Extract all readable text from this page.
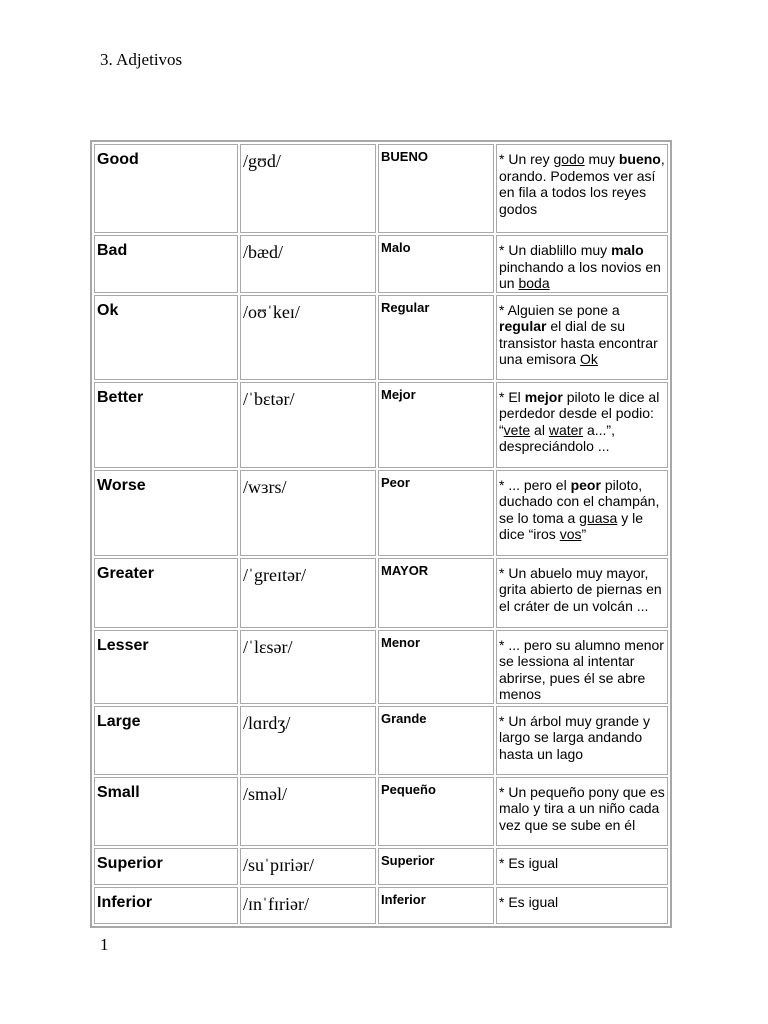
3. Adjetivos
Good	/gʊd/	BUENO	* Un rey godo muy bueno, orando. Podemos ver así en fila a todos los reyes godos

Bad	/bæd/	Malo	* Un diablillo muy malo pinchando a los novios en un boda

Ok	/oʊˈkeɪ/	Regular	* Alguien se pone a regular el dial de su transistor hasta encontrar una emisora Ok

Better	/ˈbɛtər/	Mejor	* El mejor piloto le dice al perdedor desde el podio: “vete al water a...”, despreciándolo ...

Worse	/wɜrs/	Peor	* ... pero el peor piloto, duchado con el champán, se lo toma a guasa y le dice “iros vos”

Greater	/ˈgreɪtər/	MAYOR	* Un abuelo muy mayor, grita abierto de piernas en el cráter de un volcán ...

Lesser	/ˈlɛsər/	Menor	* ... pero su alumno menor se lessiona al intentar abrirse, pues él se abre menos

Large	/lɑrdʒ/	Grande	* Un árbol muy grande y largo se larga andando hasta un lago

Small	/sməl/	Pequeño	* Un pequeño pony que es malo y tira a un niño cada vez que se sube en él

Superior	/suˈpɪriər/	Superior	* Es igual

Inferior	/ɪnˈfɪriər/	Inferior	* Es igual
1
